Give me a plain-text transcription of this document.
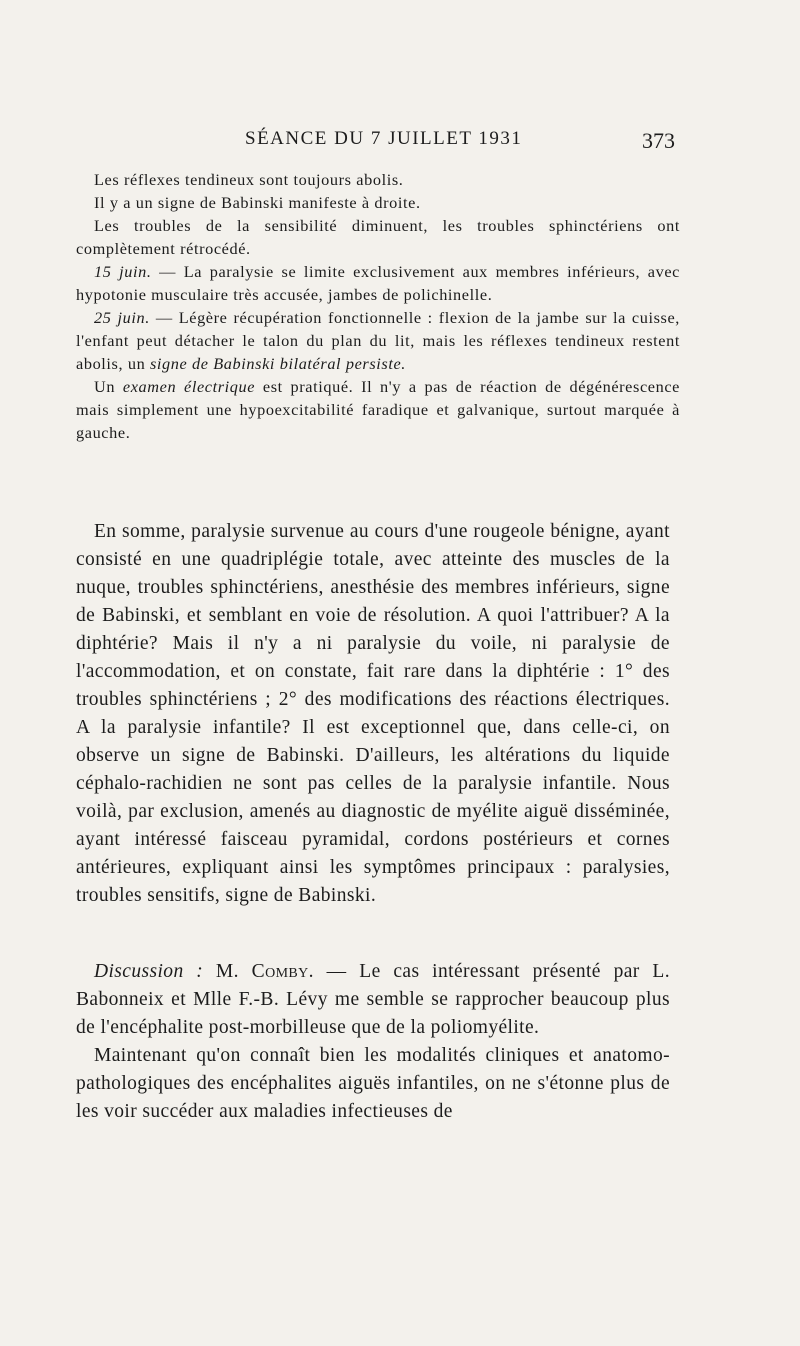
SÉANCE DU 7 JUILLET 1931	373

Les réflexes tendineux sont toujours abolis.

Il y a un signe de Babinski manifeste à droite.

Les troubles de la sensibilité diminuent, les troubles sphinctériens ont complètement rétrocédé.

15 juin. — La paralysie se limite exclusivement aux membres inférieurs, avec hypotonie musculaire très accusée, jambes de polichinelle.

25 juin. — Légère récupération fonctionnelle : flexion de la jambe sur la cuisse, l'enfant peut détacher le talon du plan du lit, mais les réflexes tendineux restent abolis, un signe de Babinski bilatéral persiste.

Un examen électrique est pratiqué. Il n'y a pas de réaction de dégénérescence mais simplement une hypoexcitabilité faradique et galvanique, surtout marquée à gauche.

En somme, paralysie survenue au cours d'une rougeole bénigne, ayant consisté en une quadriplégie totale, avec atteinte des muscles de la nuque, troubles sphinctériens, anesthésie des membres inférieurs, signe de Babinski, et semblant en voie de résolution. A quoi l'attribuer? A la diphtérie? Mais il n'y a ni paralysie du voile, ni paralysie de l'accommodation, et on constate, fait rare dans la diphtérie : 1° des troubles sphinctériens ; 2° des modifications des réactions électriques. A la paralysie infantile? Il est exceptionnel que, dans celle-ci, on observe un signe de Babinski. D'ailleurs, les altérations du liquide céphalo-rachidien ne sont pas celles de la paralysie infantile. Nous voilà, par exclusion, amenés au diagnostic de myélite aiguë disséminée, ayant intéressé faisceau pyramidal, cordons postérieurs et cornes antérieures, expliquant ainsi les symptômes principaux : paralysies, troubles sensitifs, signe de Babinski.

Discussion : M. Comby. — Le cas intéressant présenté par L. Babonneix et Mlle F.-B. Lévy me semble se rapprocher beaucoup plus de l'encéphalite post-morbilleuse que de la poliomyélite.

Maintenant qu'on connaît bien les modalités cliniques et anatomo-pathologiques des encéphalites aiguës infantiles, on ne s'étonne plus de les voir succéder aux maladies infectieuses de
